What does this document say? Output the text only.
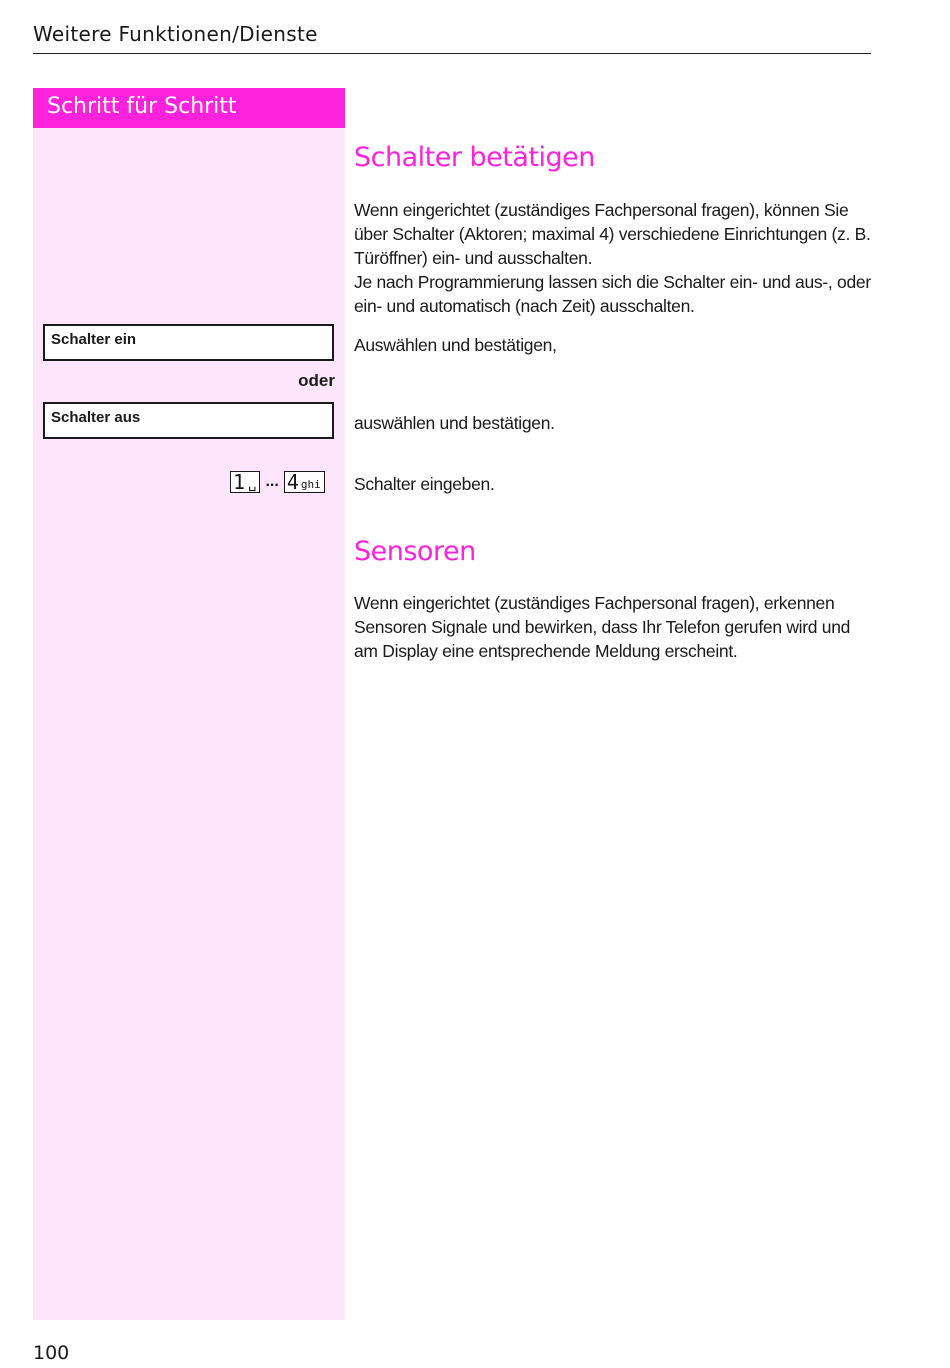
Weitere Funktionen/Dienste
Schritt für Schritt
Schalter ein
oder
Schalter aus
1 ␣ ... 4 ghi
Schalter betätigen
Wenn eingerichtet (zuständiges Fachpersonal fragen), können Sie über Schalter (Aktoren; maximal 4) verschiedene Einrichtungen (z. B. Türöffner) ein- und ausschalten.
Je nach Programmierung lassen sich die Schalter ein- und aus-, oder ein- und automatisch (nach Zeit) ausschalten.
Auswählen und bestätigen,
auswählen und bestätigen.
Schalter eingeben.
Sensoren
Wenn eingerichtet (zuständiges Fachpersonal fragen), erkennen Sensoren Signale und bewirken, dass Ihr Telefon gerufen wird und am Display eine entsprechende Meldung erscheint.
100
